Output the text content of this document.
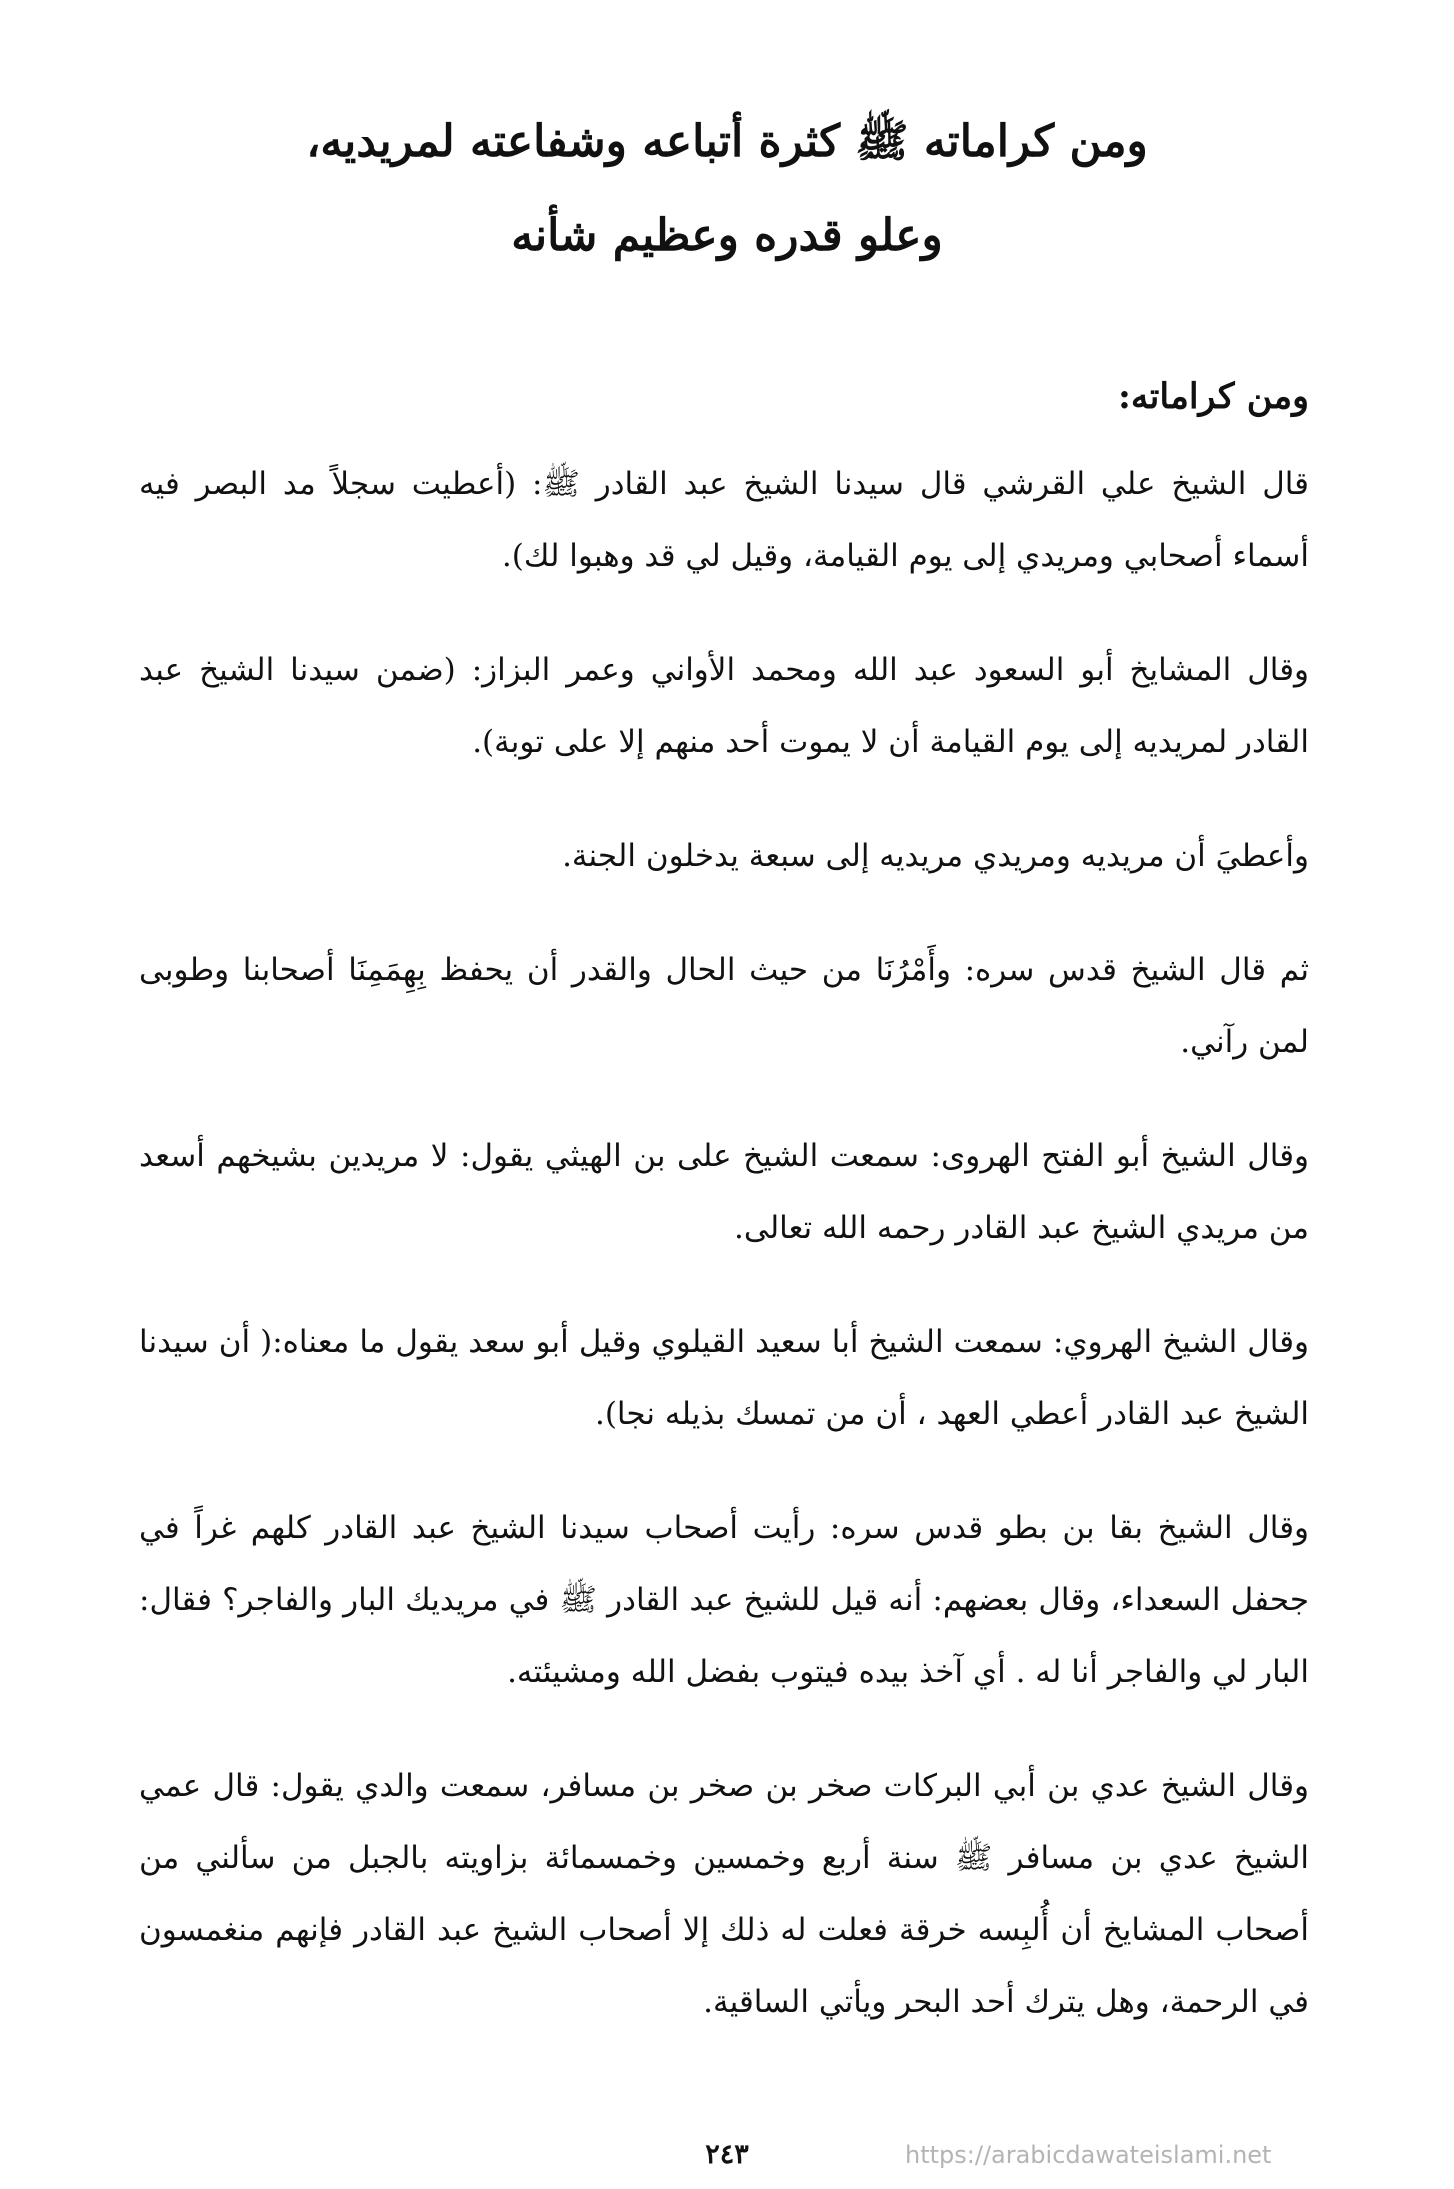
ومن كراماته ﷺ كثرة أتباعه وشفاعته لمريديه،
وعلو قدره وعظيم شأنه
ومن كراماته:

قال الشيخ علي القرشي قال سيدنا الشيخ عبد القادر ﷺ: (أعطيت سجلاً مد البصر فيه أسماء أصحابي ومريدي إلى يوم القيامة، وقيل لي قد وهبوا لك).

وقال المشايخ أبو السعود عبد الله ومحمد الأواني وعمر البزاز: (ضمن سيدنا الشيخ عبد القادر لمريديه إلى يوم القيامة أن لا يموت أحد منهم إلا على توبة).

وأعطيَ أن مريديه ومريدي مريديه إلى سبعة يدخلون الجنة.

ثم قال الشيخ قدس سره: وأَمْرُنَا من حيث الحال والقدر أن يحفظ بِهِمَمِنَا أصحابنا وطوبى لمن رآني.

وقال الشيخ أبو الفتح الهروى: سمعت الشيخ على بن الهيثي يقول: لا مريدين بشيخهم أسعد من مريدي الشيخ عبد القادر رحمه الله تعالى.

وقال الشيخ الهروي: سمعت الشيخ أبا سعيد القيلوي وقيل أبو سعد يقول ما معناه:( أن سيدنا الشيخ عبد القادر أعطي العهد ، أن من تمسك بذيله نجا).

وقال الشيخ بقا بن بطو قدس سره: رأيت أصحاب سيدنا الشيخ عبد القادر كلهم غراً في جحفل السعداء، وقال بعضهم: أنه قيل للشيخ عبد القادر ﷺ في مريديك البار والفاجر؟ فقال: البار لي والفاجر أنا له . أي آخذ بيده فيتوب بفضل الله ومشيئته.

وقال الشيخ عدي بن أبي البركات صخر بن صخر بن مسافر، سمعت والدي يقول: قال عمي الشيخ عدي بن مسافر ﷺ سنة أربع وخمسين وخمسمائة بزاويته بالجبل من سألني من أصحاب المشايخ أن أُلبِسه خرقة فعلت له ذلك إلا أصحاب الشيخ عبد القادر فإنهم منغمسون في الرحمة، وهل يترك أحد البحر ويأتي الساقية.

٢٤٣	https://arabicdawateislami.net
